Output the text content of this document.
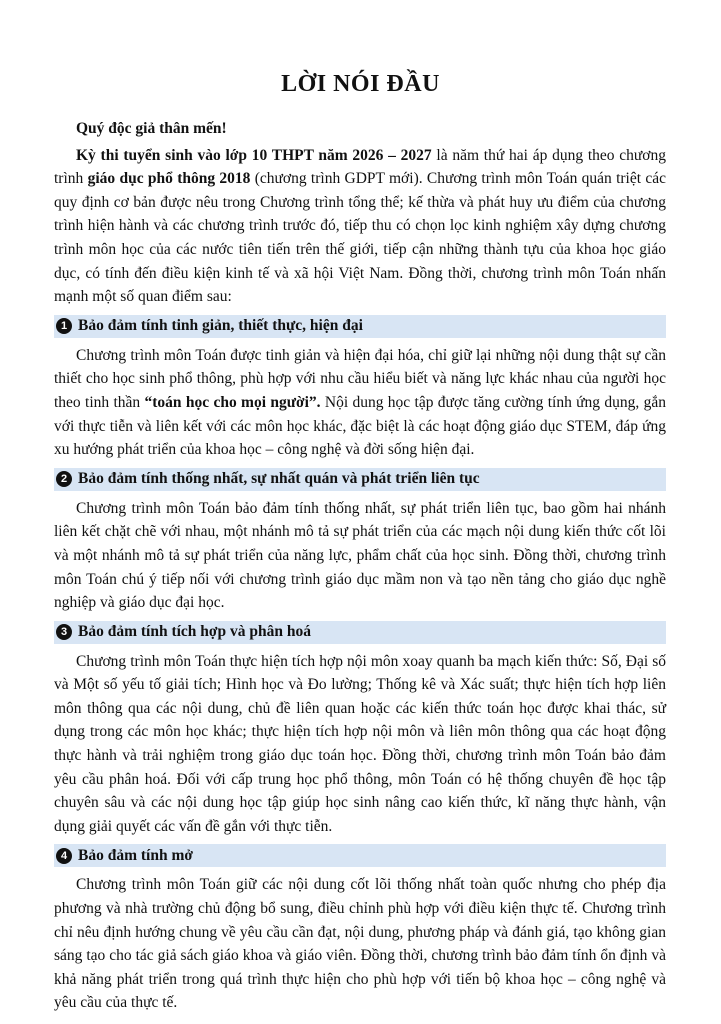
LỜI NÓI ĐẦU

Quý độc giả thân mến!

Kỳ thi tuyển sinh vào lớp 10 THPT năm 2026 – 2027 là năm thứ hai áp dụng theo chương trình giáo dục phổ thông 2018 (chương trình GDPT mới). Chương trình môn Toán quán triệt các quy định cơ bản được nêu trong Chương trình tổng thể; kế thừa và phát huy ưu điểm của chương trình hiện hành và các chương trình trước đó, tiếp thu có chọn lọc kinh nghiệm xây dựng chương trình môn học của các nước tiên tiến trên thế giới, tiếp cận những thành tựu của khoa học giáo dục, có tính đến điều kiện kinh tế và xã hội Việt Nam. Đồng thời, chương trình môn Toán nhấn mạnh một số quan điểm sau:

1 Bảo đảm tính tinh giản, thiết thực, hiện đại

Chương trình môn Toán được tinh giản và hiện đại hóa, chỉ giữ lại những nội dung thật sự cần thiết cho học sinh phổ thông, phù hợp với nhu cầu hiểu biết và năng lực khác nhau của người học theo tinh thần “toán học cho mọi người”. Nội dung học tập được tăng cường tính ứng dụng, gắn với thực tiễn và liên kết với các môn học khác, đặc biệt là các hoạt động giáo dục STEM, đáp ứng xu hướng phát triển của khoa học – công nghệ và đời sống hiện đại.

2 Bảo đảm tính thống nhất, sự nhất quán và phát triển liên tục

Chương trình môn Toán bảo đảm tính thống nhất, sự phát triển liên tục, bao gồm hai nhánh liên kết chặt chẽ với nhau, một nhánh mô tả sự phát triển của các mạch nội dung kiến thức cốt lõi và một nhánh mô tả sự phát triển của năng lực, phẩm chất của học sinh. Đồng thời, chương trình môn Toán chú ý tiếp nối với chương trình giáo dục mầm non và tạo nền tảng cho giáo dục nghề nghiệp và giáo dục đại học.

3 Bảo đảm tính tích hợp và phân hoá

Chương trình môn Toán thực hiện tích hợp nội môn xoay quanh ba mạch kiến thức: Số, Đại số và Một số yếu tố giải tích; Hình học và Đo lường; Thống kê và Xác suất; thực hiện tích hợp liên môn thông qua các nội dung, chủ đề liên quan hoặc các kiến thức toán học được khai thác, sử dụng trong các môn học khác; thực hiện tích hợp nội môn và liên môn thông qua các hoạt động thực hành và trải nghiệm trong giáo dục toán học. Đồng thời, chương trình môn Toán bảo đảm yêu cầu phân hoá. Đối với cấp trung học phổ thông, môn Toán có hệ thống chuyên đề học tập chuyên sâu và các nội dung học tập giúp học sinh nâng cao kiến thức, kĩ năng thực hành, vận dụng giải quyết các vấn đề gắn với thực tiễn.

4 Bảo đảm tính mở

Chương trình môn Toán giữ các nội dung cốt lõi thống nhất toàn quốc nhưng cho phép địa phương và nhà trường chủ động bổ sung, điều chỉnh phù hợp với điều kiện thực tế. Chương trình chỉ nêu định hướng chung về yêu cầu cần đạt, nội dung, phương pháp và đánh giá, tạo không gian sáng tạo cho tác giả sách giáo khoa và giáo viên. Đồng thời, chương trình bảo đảm tính ổn định và khả năng phát triển trong quá trình thực hiện cho phù hợp với tiến bộ khoa học – công nghệ và yêu cầu của thực tế.
